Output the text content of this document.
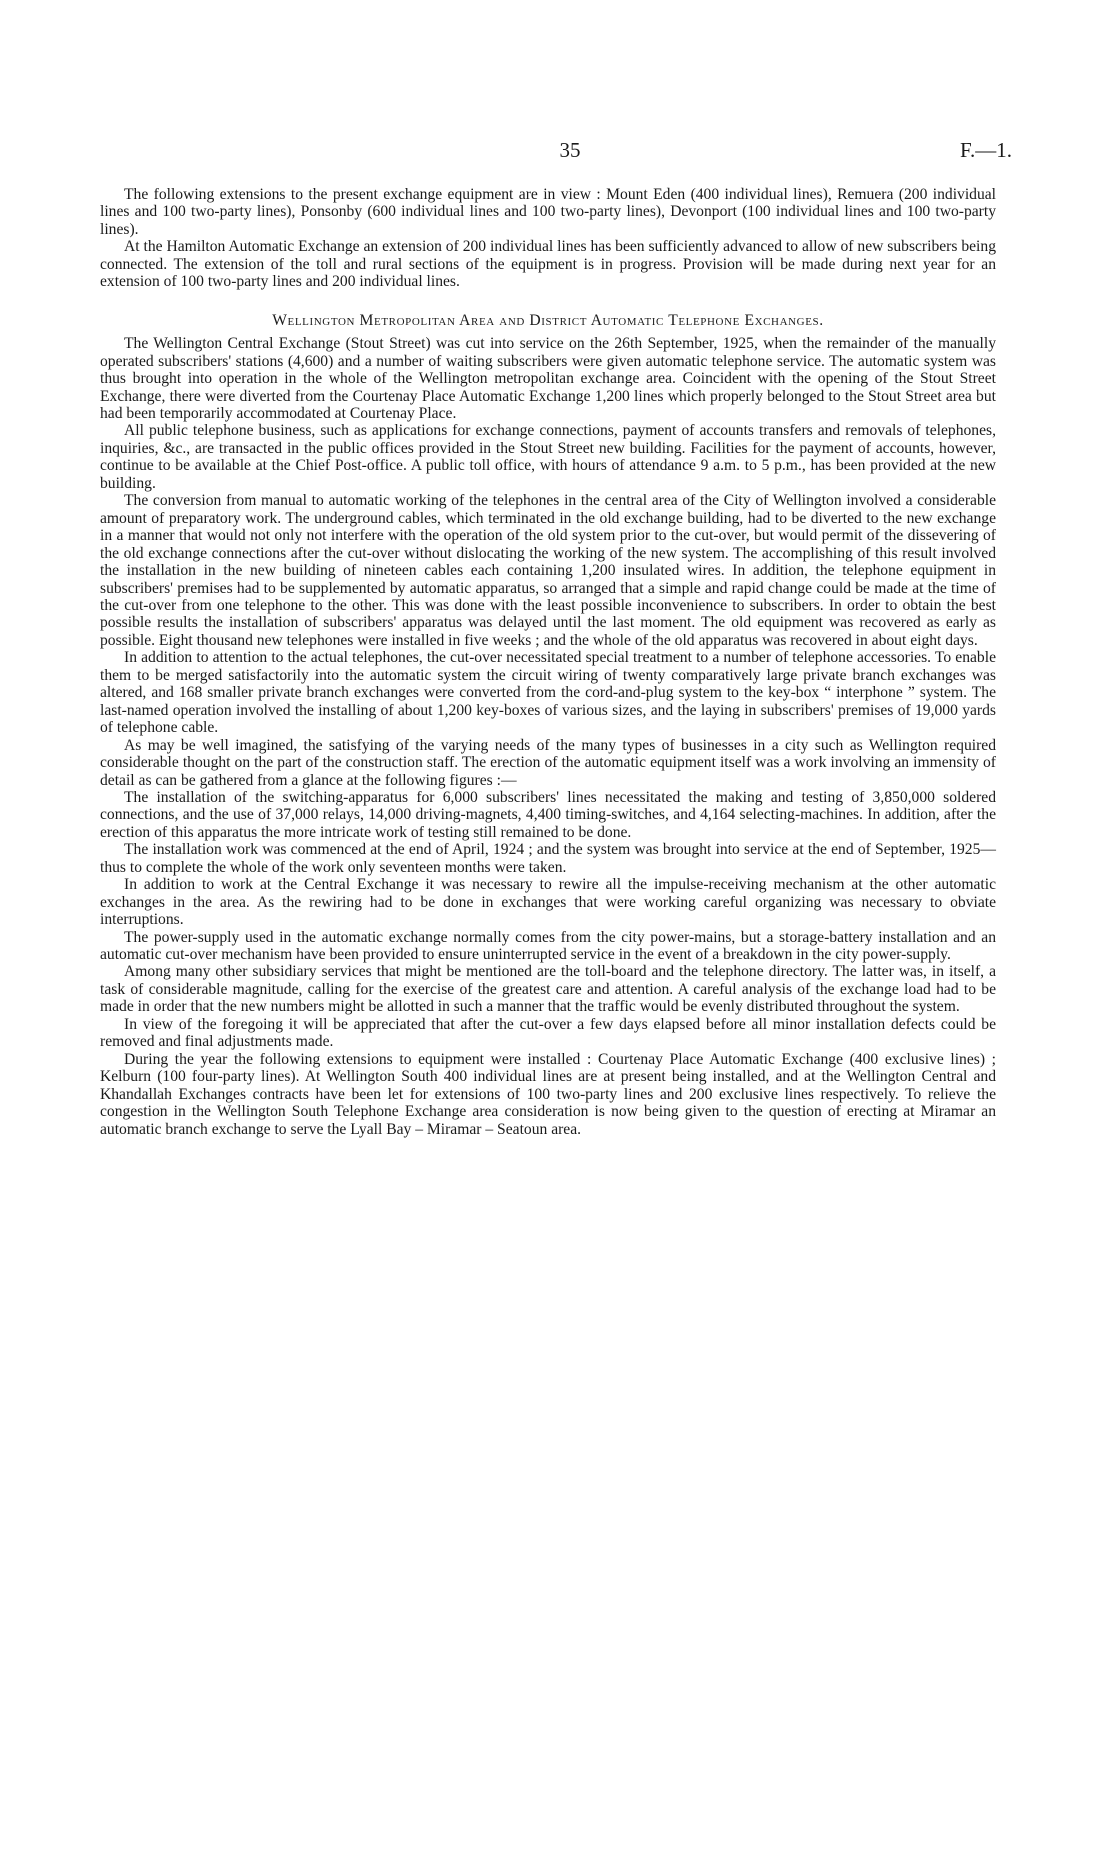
35	F.—1.

The following extensions to the present exchange equipment are in view : Mount Eden (400 individual lines), Remuera (200 individual lines and 100 two-party lines), Ponsonby (600 individual lines and 100 two-party lines), Devonport (100 individual lines and 100 two-party lines).

At the Hamilton Automatic Exchange an extension of 200 individual lines has been sufficiently advanced to allow of new subscribers being connected. The extension of the toll and rural sections of the equipment is in progress. Provision will be made during next year for an extension of 100 two-party lines and 200 individual lines.

Wellington Metropolitan Area and District Automatic Telephone Exchanges.

The Wellington Central Exchange (Stout Street) was cut into service on the 26th September, 1925, when the remainder of the manually operated subscribers' stations (4,600) and a number of waiting subscribers were given automatic telephone service. The automatic system was thus brought into operation in the whole of the Wellington metropolitan exchange area. Coincident with the opening of the Stout Street Exchange, there were diverted from the Courtenay Place Automatic Exchange 1,200 lines which properly belonged to the Stout Street area but had been temporarily accommodated at Courtenay Place.

All public telephone business, such as applications for exchange connections, payment of accounts transfers and removals of telephones, inquiries, &c., are transacted in the public offices provided in the Stout Street new building. Facilities for the payment of accounts, however, continue to be available at the Chief Post-office. A public toll office, with hours of attendance 9 a.m. to 5 p.m., has been provided at the new building.

The conversion from manual to automatic working of the telephones in the central area of the City of Wellington involved a considerable amount of preparatory work. The underground cables, which terminated in the old exchange building, had to be diverted to the new exchange in a manner that would not only not interfere with the operation of the old system prior to the cut-over, but would permit of the dissevering of the old exchange connections after the cut-over without dislocating the working of the new system. The accomplishing of this result involved the installation in the new building of nineteen cables each containing 1,200 insulated wires. In addition, the telephone equipment in subscribers' premises had to be supplemented by automatic apparatus, so arranged that a simple and rapid change could be made at the time of the cut-over from one telephone to the other. This was done with the least possible inconvenience to subscribers. In order to obtain the best possible results the installation of subscribers' apparatus was delayed until the last moment. The old equipment was recovered as early as possible. Eight thousand new telephones were installed in five weeks ; and the whole of the old apparatus was recovered in about eight days.

In addition to attention to the actual telephones, the cut-over necessitated special treatment to a number of telephone accessories. To enable them to be merged satisfactorily into the automatic system the circuit wiring of twenty comparatively large private branch exchanges was altered, and 168 smaller private branch exchanges were converted from the cord-and-plug system to the key-box “ interphone ” system. The last-named operation involved the installing of about 1,200 key-boxes of various sizes, and the laying in subscribers' premises of 19,000 yards of telephone cable.

As may be well imagined, the satisfying of the varying needs of the many types of businesses in a city such as Wellington required considerable thought on the part of the construction staff. The erection of the automatic equipment itself was a work involving an immensity of detail as can be gathered from a glance at the following figures :—

The installation of the switching-apparatus for 6,000 subscribers' lines necessitated the making and testing of 3,850,000 soldered connections, and the use of 37,000 relays, 14,000 driving-magnets, 4,400 timing-switches, and 4,164 selecting-machines. In addition, after the erection of this apparatus the more intricate work of testing still remained to be done.

The installation work was commenced at the end of April, 1924 ; and the system was brought into service at the end of September, 1925—thus to complete the whole of the work only seventeen months were taken.

In addition to work at the Central Exchange it was necessary to rewire all the impulse-receiving mechanism at the other automatic exchanges in the area. As the rewiring had to be done in exchanges that were working careful organizing was necessary to obviate interruptions.

The power-supply used in the automatic exchange normally comes from the city power-mains, but a storage-battery installation and an automatic cut-over mechanism have been provided to ensure uninterrupted service in the event of a breakdown in the city power-supply.

Among many other subsidiary services that might be mentioned are the toll-board and the telephone directory. The latter was, in itself, a task of considerable magnitude, calling for the exercise of the greatest care and attention. A careful analysis of the exchange load had to be made in order that the new numbers might be allotted in such a manner that the traffic would be evenly distributed throughout the system.

In view of the foregoing it will be appreciated that after the cut-over a few days elapsed before all minor installation defects could be removed and final adjustments made.

During the year the following extensions to equipment were installed : Courtenay Place Automatic Exchange (400 exclusive lines) ; Kelburn (100 four-party lines). At Wellington South 400 individual lines are at present being installed, and at the Wellington Central and Khandallah Exchanges contracts have been let for extensions of 100 two-party lines and 200 exclusive lines respectively. To relieve the congestion in the Wellington South Telephone Exchange area consideration is now being given to the question of erecting at Miramar an automatic branch exchange to serve the Lyall Bay – Miramar – Seatoun area.
